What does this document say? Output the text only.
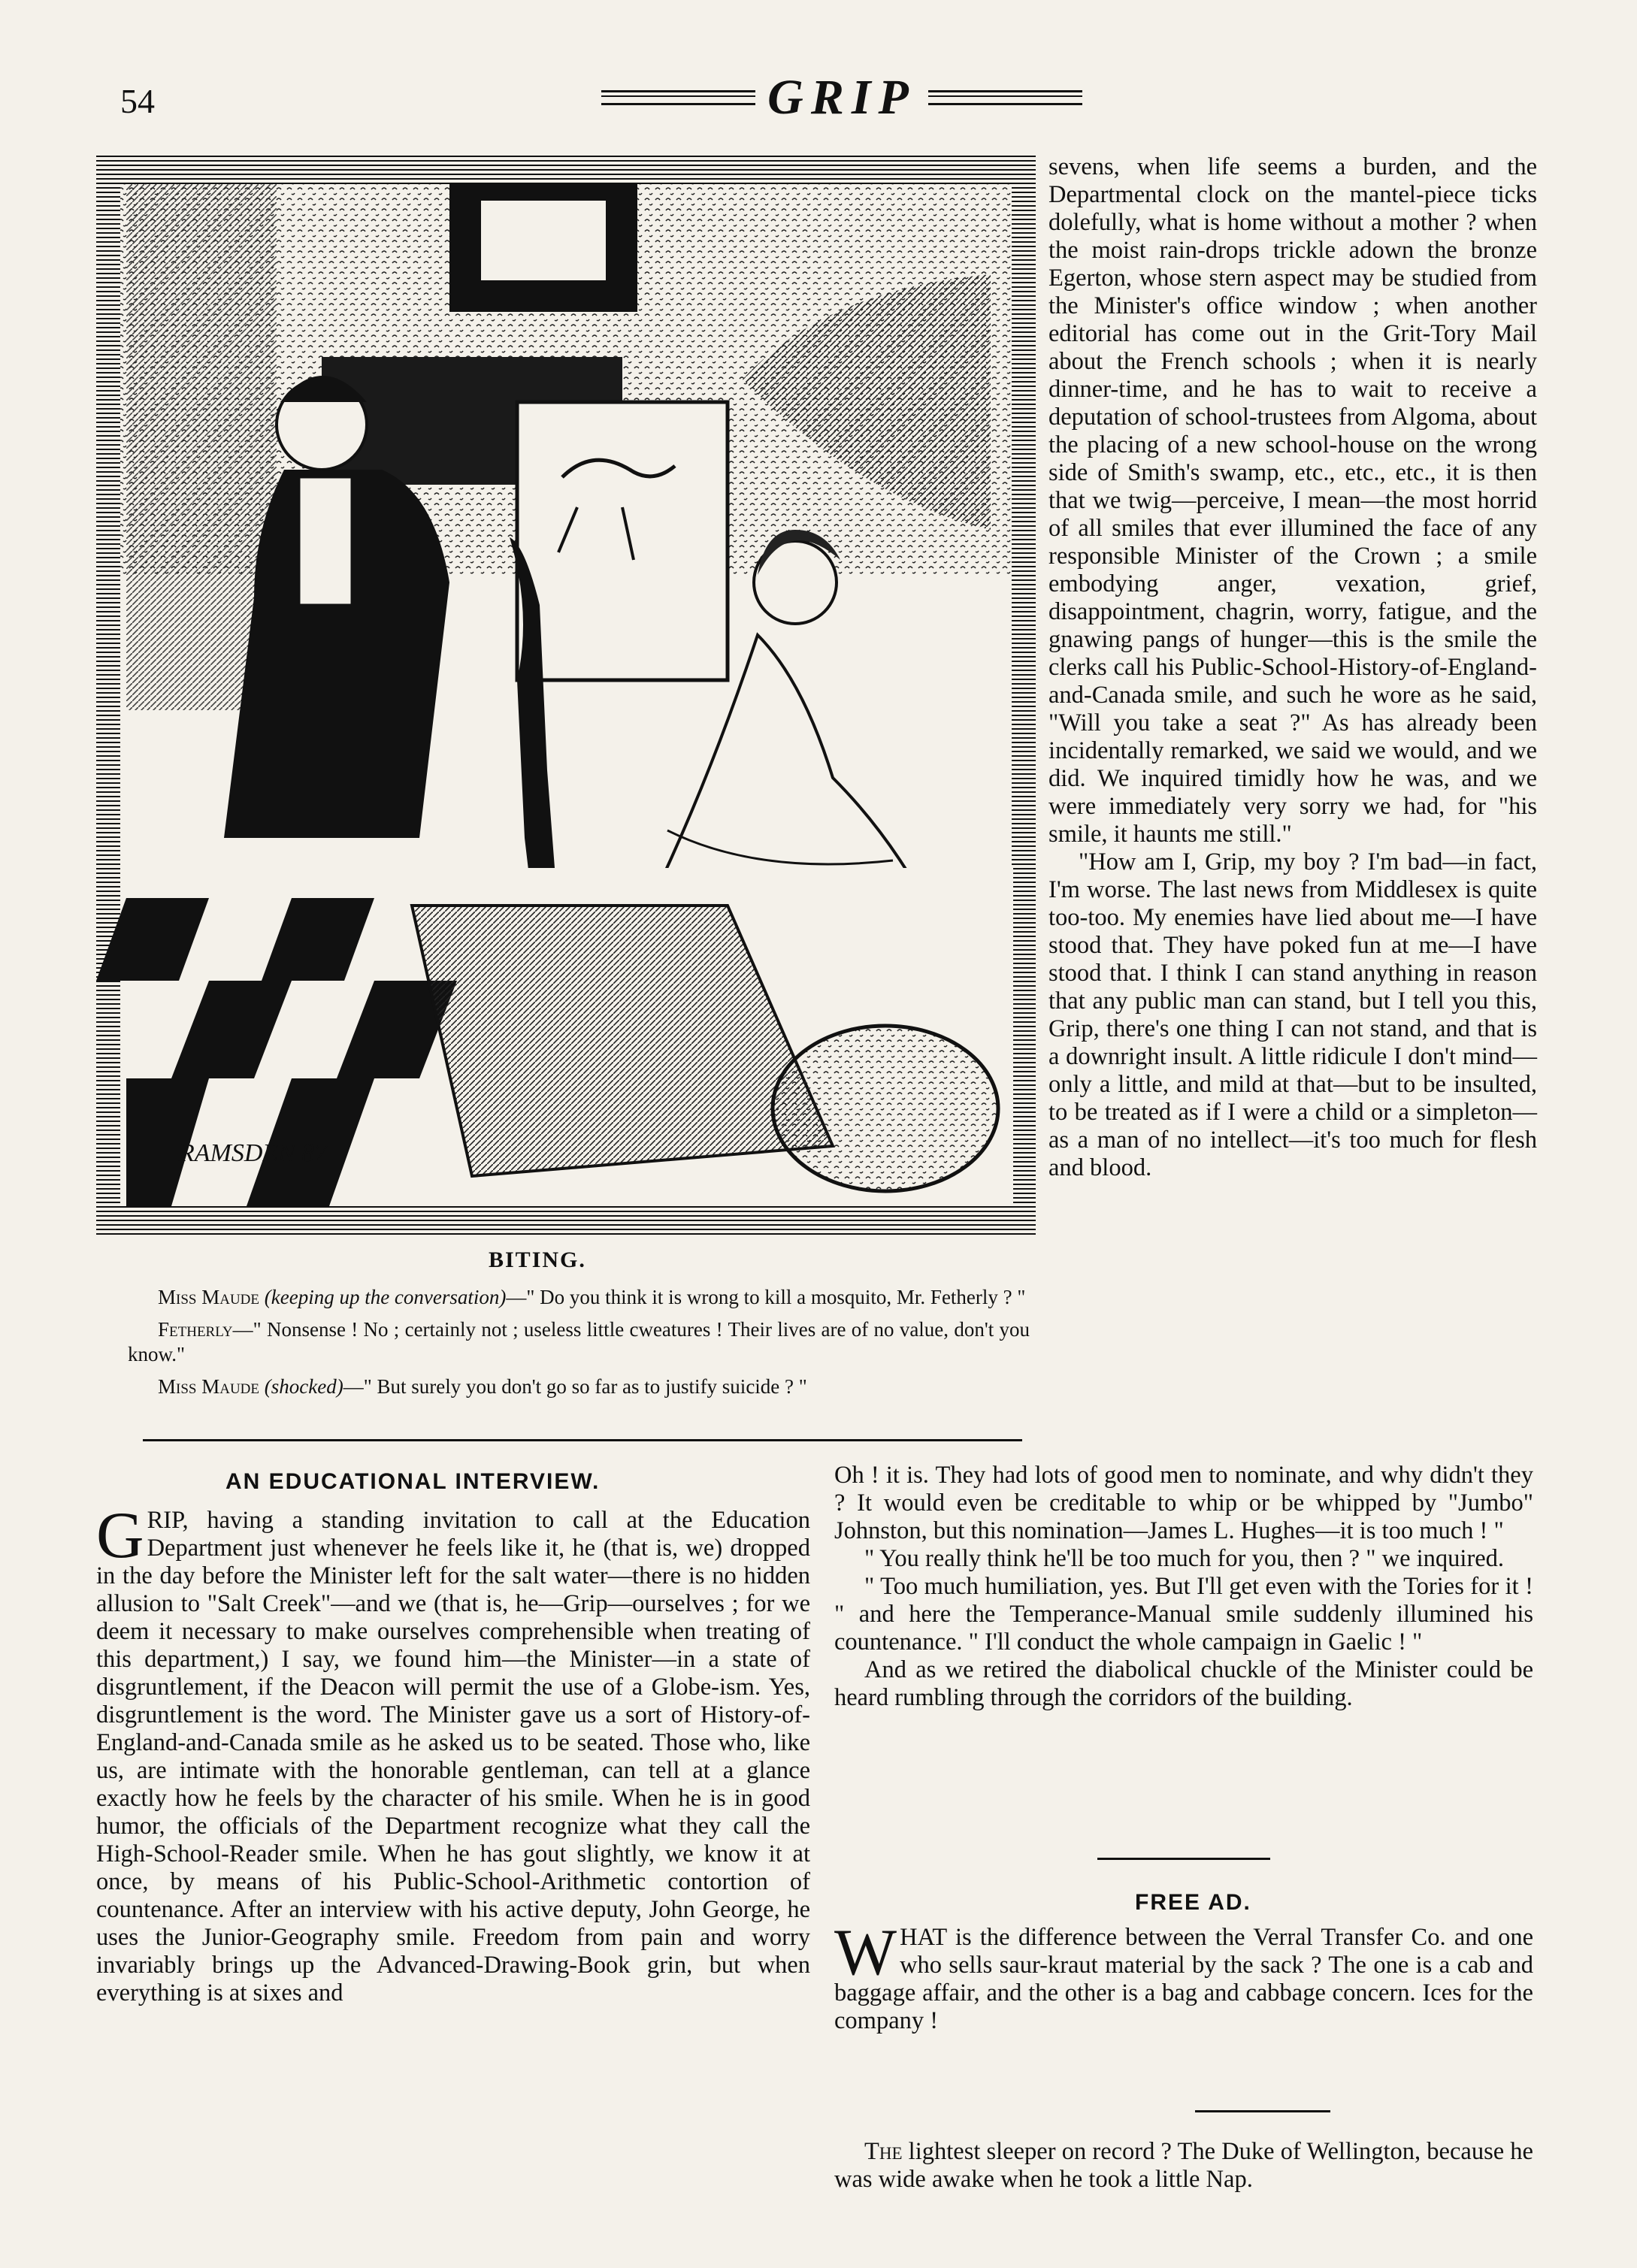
54	GRIP
RAMSDEN 87
BITING.

Miss Maude (keeping up the conversation)—" Do you think it is wrong to kill a mosquito, Mr. Fetherly ? "

Fetherly—" Nonsense ! No ; certainly not ; useless little cweatures ! Their lives are of no value, don't you know."

Miss Maude (shocked)—" But surely you don't go so far as to justify suicide ? "

sevens, when life seems a burden, and the Departmental clock on the mantel-piece ticks dolefully, what is home without a mother ? when the moist rain-drops trickle adown the bronze Egerton, whose stern aspect may be studied from the Minister's office window ; when another editorial has come out in the Grit-Tory Mail about the French schools ; when it is nearly dinner-time, and he has to wait to receive a deputation of school-trustees from Algoma, about the placing of a new school-house on the wrong side of Smith's swamp, etc., etc., etc., it is then that we twig—perceive, I mean—the most horrid of all smiles that ever illumined the face of any responsible Minister of the Crown ; a smile embodying anger, vexation, grief, disappointment, chagrin, worry, fatigue, and the gnawing pangs of hunger—this is the smile the clerks call his Public-School-History-of-England-and-Canada smile, and such he wore as he said, "Will you take a seat ?" As has already been incidentally remarked, we said we would, and we did. We inquired timidly how he was, and we were immediately very sorry we had, for "his smile, it haunts me still."

"How am I, Grip, my boy ? I'm bad—in fact, I'm worse. The last news from Middlesex is quite too-too. My enemies have lied about me—I have stood that. They have poked fun at me—I have stood that. I think I can stand anything in reason that any public man can stand, but I tell you this, Grip, there's one thing I can not stand, and that is a downright insult. A little ridicule I don't mind—only a little, and mild at that—but to be insulted, to be treated as if I were a child or a simpleton—as a man of no intellect—it's too much for flesh and blood.

AN EDUCATIONAL INTERVIEW.

GRIP, having a standing invitation to call at the Education Department just whenever he feels like it, he (that is, we) dropped in the day before the Minister left for the salt water—there is no hidden allusion to "Salt Creek"—and we (that is, he—Grip—ourselves ; for we deem it necessary to make ourselves comprehensible when treating of this department,) I say, we found him—the Minister—in a state of disgruntlement, if the Deacon will permit the use of a Globe-ism. Yes, disgruntlement is the word. The Minister gave us a sort of History-of-England-and-Canada smile as he asked us to be seated. Those who, like us, are intimate with the honorable gentleman, can tell at a glance exactly how he feels by the character of his smile. When he is in good humor, the officials of the Department recognize what they call the High-School-Reader smile. When he has gout slightly, we know it at once, by means of his Public-School-Arithmetic contortion of countenance. After an interview with his active deputy, John George, he uses the Junior-Geography smile. Freedom from pain and worry invariably brings up the Advanced-Drawing-Book grin, but when everything is at sixes and

Oh ! it is. They had lots of good men to nominate, and why didn't they ? It would even be creditable to whip or be whipped by "Jumbo" Johnston, but this nomination—James L. Hughes—it is too much ! "

" You really think he'll be too much for you, then ? " we inquired.

" Too much humiliation, yes. But I'll get even with the Tories for it ! " and here the Temperance-Manual smile suddenly illumined his countenance. " I'll conduct the whole campaign in Gaelic ! "

And as we retired the diabolical chuckle of the Minister could be heard rumbling through the corridors of the building.

FREE AD.

WHAT is the difference between the Verral Transfer Co. and one who sells saur-kraut material by the sack ? The one is a cab and baggage affair, and the other is a bag and cabbage concern. Ices for the company !

The lightest sleeper on record ? The Duke of Wellington, because he was wide awake when he took a little Nap.
